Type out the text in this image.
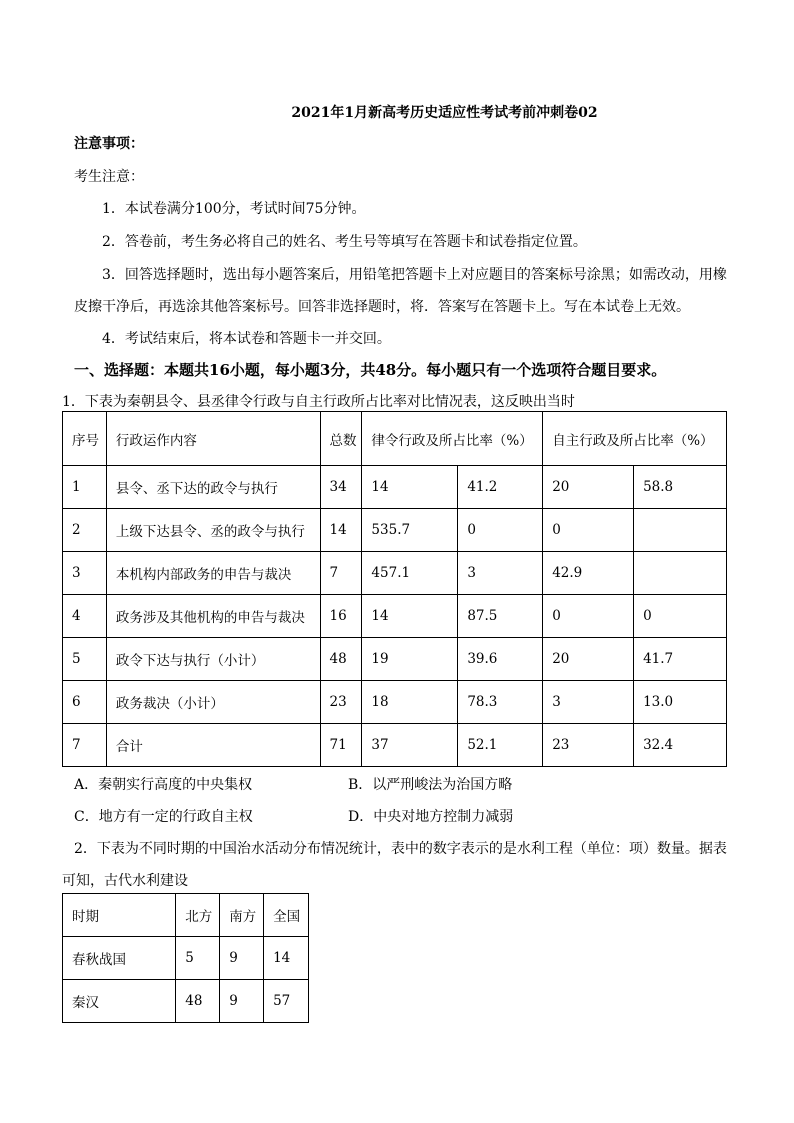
2021年1月新高考历史适应性考试考前冲刺卷02
注意事项：
考生注意：
1．本试卷满分100分，考试时间75分钟。
2．答卷前，考生务必将自己的姓名、考生号等填写在答题卡和试卷指定位置。
3．回答选择题时，选出每小题答案后，用铅笔把答题卡上对应题目的答案标号涂黑；如需改动，用橡
皮擦干净后，再选涂其他答案标号。回答非选择题时，将．答案写在答题卡上。写在本试卷上无效。
4．考试结束后，将本试卷和答题卡一并交回。
一、选择题：本题共16小题，每小题3分，共48分。每小题只有一个选项符合题目要求。
1．下表为秦朝县令、县丞律令行政与自主行政所占比率对比情况表，这反映出当时
序号	行政运作内容	总数	律令行政及所占比率（%）		自主行政及所占比率（%）	
1	县令、丞下达的政令与执行	34	14	41.2	20	58.8
2	上级下达县令、丞的政令与执行	14	535.7	0	0	
3	本机构内部政务的申告与裁决	7	457.1	3	42.9	
4	政务涉及其他机构的申告与裁决	16	14	87.5	0	0
5	政令下达与执行（小计）	48	19	39.6	20	41.7
6	政务裁决（小计）	23	18	78.3	3	13.0
7	合计	71	37	52.1	23	32.4
A．秦朝实行高度的中央集权	B．以严刑峻法为治国方略
C．地方有一定的行政自主权	D．中央对地方控制力减弱
2．下表为不同时期的中国治水活动分布情况统计，表中的数字表示的是水利工程（单位：项）数量。据表
可知，古代水利建设
时期	北方	南方	全国
春秋战国	5	9	14
秦汉	48	9	57
